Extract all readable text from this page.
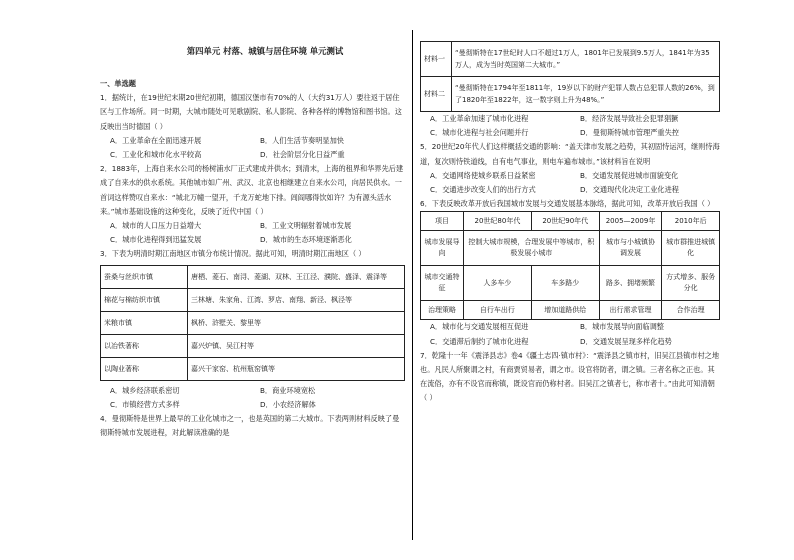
第四单元 村落、城镇与居住环境 单元测试

一、单选题

1．据统计，在19世纪末期20世纪初期，德国汉堡市有70%的人（大约31万人）要往返于居住区与工作场所。同一时期，大城市随处可见歌剧院、私人影院、各种各样的博物馆和图书馆。这反映出当时德国（ ）

A．工业革命在全面迅速开展	B．人们生活节奏明显加快
C．工业化和城市化水平较高	D．社会阶层分化日益严重

2．1883年，上海自来水公司的杨树浦水厂正式建成并供水；到清末，上海的租界和华界先后建成了自来水的供水系统。其他城市如广州、武汉、北京也相继建立自来水公司，向居民供水。一首词这样赞叹自来水：“城北万幢一望开，千龙万蛇地下排。闾阎哪得饮如许？为有源头活水来。”城市基础设施的这种变化，反映了近代中国（ ）

A．城市的人口压力日益增大	B．工业文明辐射着城市发展
C．城市化进程得到迅猛发展	D．城市的生态环境逐渐恶化

3．下表为明清时期江南地区市镇分布统计情况。据此可知，明清时期江南地区（ ）

蚕桑与丝织市镇	唐栖、菱石、南浔、菱湖、双林、王江泾、濮院、盛泽、震泽等
棉花与棉纺织市镇	三林塘、朱家角、江湾、罗店、南翔、新泾、枫泾等
米粮市镇	枫桥、浒墅关、黎里等
以冶铁著称	嘉兴炉镇、吴江村等
以陶业著称	嘉兴干家窑、杭州瓶窑镇等
A．城乡经济联系密切	B．商业环境宽松
C．市镇经营方式多样	D．小农经济解体

4．曼彻斯特是世界上最早的工业化城市之一，也是英国的第二大城市。下表两则材料反映了曼彻斯特城市发展进程，对此解读准确的是

材料一	“曼彻斯特在17世纪时人口不超过1万人，1801年已发展到9.5万人，1841年为35万人，成为当时英国第二大城市。”
材料二	“曼彻斯特在1794年至1811年，19岁以下的财产犯罪人数占总犯罪人数的26%，到了1820年至1822年，这一数字则上升为48%。”
A．工业革命加速了城市化进程	B．经济发展导致社会犯罪猖獗
C．城市化进程与社会问题并行	D．曼彻斯特城市管理严重失控

5．20世纪20年代人们这样概括交通的影响：“盖天津市发展之趋势，其初固恃运河，继则恃海道，复次则恃铁道线，自有电气事业，则电车遍布城市。”该材料旨在说明

A．交通网络使城乡联系日益紧密	B．交通发展促进城市面貌变化
C．交通进步改变人们的出行方式	D．交通现代化决定工业化进程

6．下表反映改革开放后我国城市发展与交通发展基本脉络，据此可知，改革开放后我国（ ）

项目	20世纪80年代	20世纪90年代	2005—2009年	2010年后
城市发展导向	控制大城市规模，合理发展中等城市，积极发展小城市		城市与小城镇协调发展	城市群推进城镇化
城市交通特征	人多车少	车多路少	路多、拥堵频繁	方式增多、服务分化
治理策略	自行车出行	增加道路供给	出行需求管理	合作治理
A．城市化与交通发展相互促进	B．城市发展导向面临调整
C．交通滞后制约了城市化进程	D．交通发展呈现多样化趋势

7．乾隆十一年《震泽县志》卷4《疆土志四·镇市村》：“震泽县之镇市村，旧吴江县镇市村之地也。凡民人所聚谓之村，有商贾贸易者，谓之市。设官将防者，谓之镇。三者名称之正也。其在流俗，亦有不设官而称镇，既设官而仍称村者。旧吴江之镇者七，称市者十。”由此可知清朝（ ）
